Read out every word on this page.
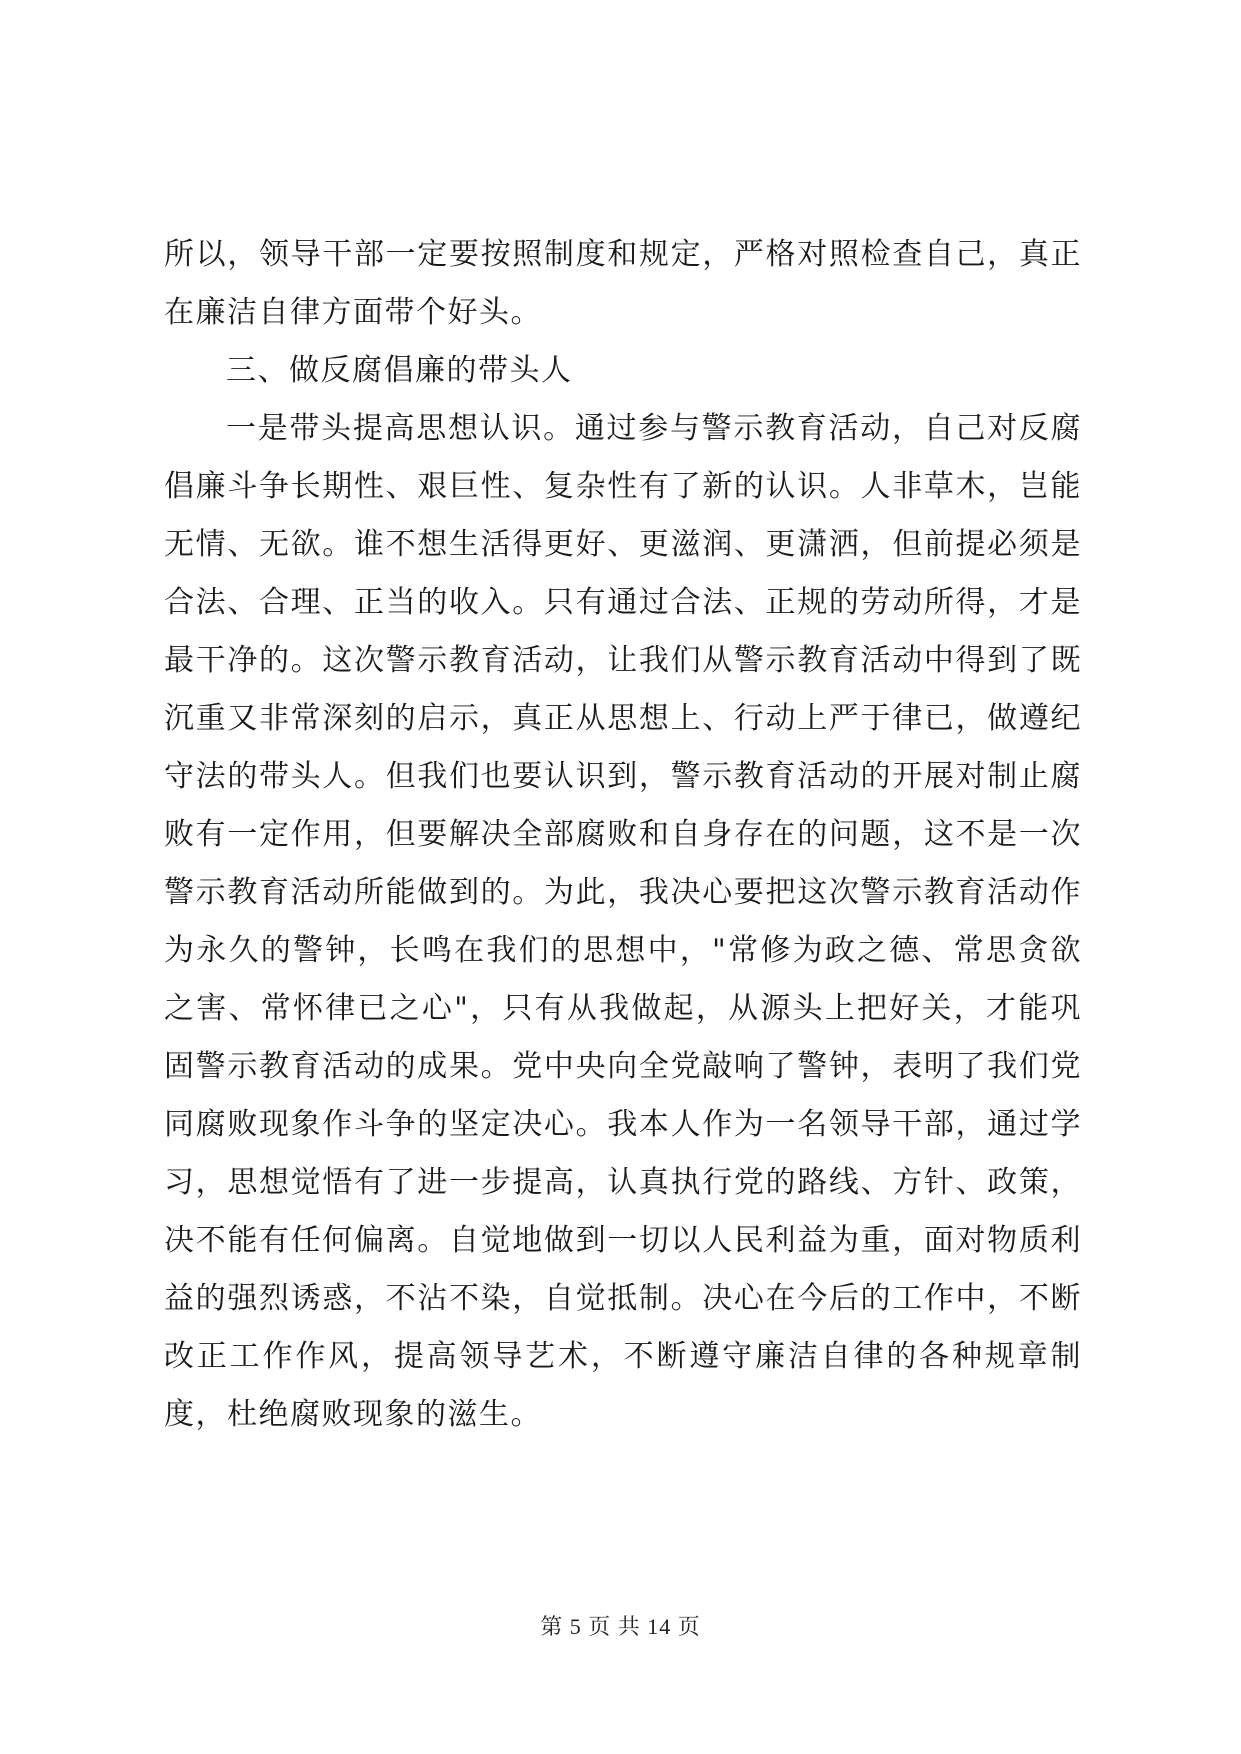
所以，领导干部一定要按照制度和规定，严格对照检查自己，真正在廉洁自律方面带个好头。

三、做反腐倡廉的带头人

一是带头提高思想认识。通过参与警示教育活动，自己对反腐倡廉斗争长期性、艰巨性、复杂性有了新的认识。人非草木，岂能无情、无欲。谁不想生活得更好、更滋润、更潇洒，但前提必须是合法、合理、正当的收入。只有通过合法、正规的劳动所得，才是最干净的。这次警示教育活动，让我们从警示教育活动中得到了既沉重又非常深刻的启示，真正从思想上、行动上严于律已，做遵纪守法的带头人。但我们也要认识到，警示教育活动的开展对制止腐败有一定作用，但要解决全部腐败和自身存在的问题，这不是一次警示教育活动所能做到的。为此，我决心要把这次警示教育活动作为永久的警钟，长鸣在我们的思想中，"常修为政之德、常思贪欲之害、常怀律已之心"，只有从我做起，从源头上把好关，才能巩固警示教育活动的成果。党中央向全党敲响了警钟，表明了我们党同腐败现象作斗争的坚定决心。我本人作为一名领导干部，通过学习，思想觉悟有了进一步提高，认真执行党的路线、方针、政策，决不能有任何偏离。自觉地做到一切以人民利益为重，面对物质利益的强烈诱惑，不沾不染，自觉抵制。决心在今后的工作中，不断改正工作作风，提高领导艺术，不断遵守廉洁自律的各种规章制度，杜绝腐败现象的滋生。

第 5 页 共 14 页
